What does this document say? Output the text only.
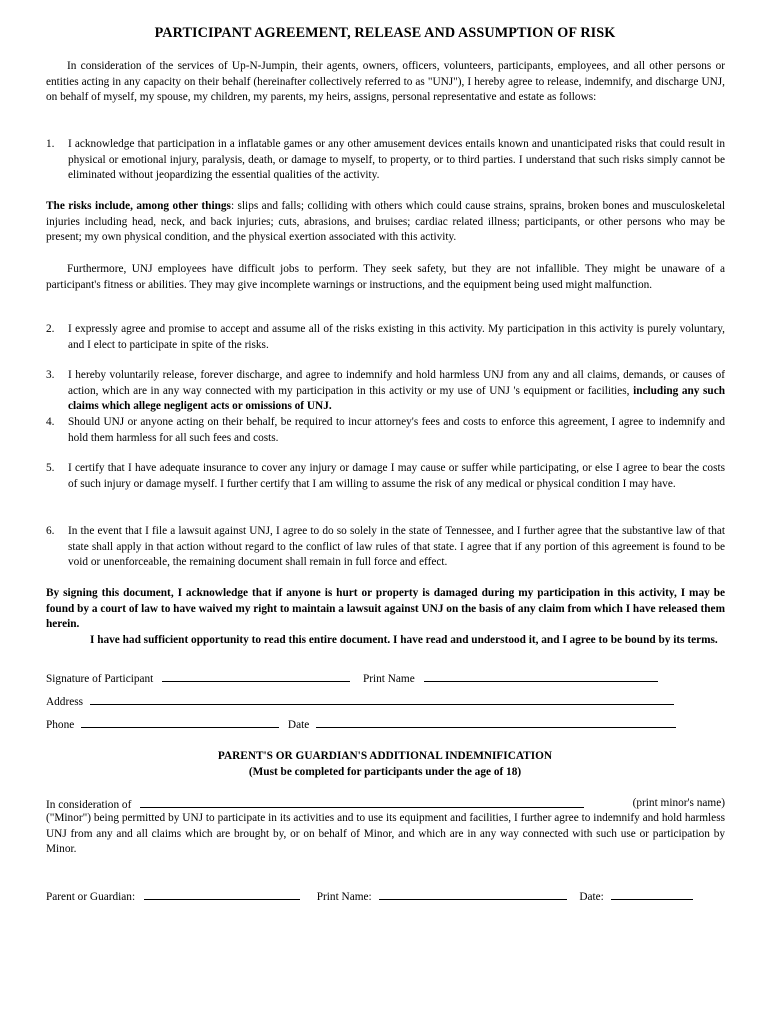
PARTICIPANT AGREEMENT, RELEASE AND ASSUMPTION OF RISK
In consideration of the services of Up-N-Jumpin, their agents, owners, officers, volunteers, participants, employees, and all other persons or entities acting in any capacity on their behalf (hereinafter collectively referred to as "UNJ"), I hereby agree to release, indemnify, and discharge UNJ, on behalf of myself, my spouse, my children, my parents, my heirs, assigns, personal representative and estate as follows:
1. I acknowledge that participation in a inflatable games or any other amusement devices entails known and unanticipated risks that could result in physical or emotional injury, paralysis, death, or damage to myself, to property, or to third parties. I understand that such risks simply cannot be eliminated without jeopardizing the essential qualities of the activity.
The risks include, among other things: slips and falls; colliding with others which could cause strains, sprains, broken bones and musculoskeletal injuries including head, neck, and back injuries; cuts, abrasions, and bruises; cardiac related illness; participants, or other persons who may be present; my own physical condition, and the physical exertion associated with this activity.
Furthermore, UNJ employees have difficult jobs to perform. They seek safety, but they are not infallible. They might be unaware of a participant's fitness or abilities. They may give incomplete warnings or instructions, and the equipment being used might malfunction.
2. I expressly agree and promise to accept and assume all of the risks existing in this activity. My participation in this activity is purely voluntary, and I elect to participate in spite of the risks.
3. I hereby voluntarily release, forever discharge, and agree to indemnify and hold harmless UNJ from any and all claims, demands, or causes of action, which are in any way connected with my participation in this activity or my use of UNJ 's equipment or facilities, including any such claims which allege negligent acts or omissions of UNJ.
4. Should UNJ or anyone acting on their behalf, be required to incur attorney's fees and costs to enforce this agreement, I agree to indemnify and hold them harmless for all such fees and costs.
5. I certify that I have adequate insurance to cover any injury or damage I may cause or suffer while participating, or else I agree to bear the costs of such injury or damage myself. I further certify that I am willing to assume the risk of any medical or physical condition I may have.
6. In the event that I file a lawsuit against UNJ, I agree to do so solely in the state of Tennessee, and I further agree that the substantive law of that state shall apply in that action without regard to the conflict of law rules of that state. I agree that if any portion of this agreement is found to be void or unenforceable, the remaining document shall remain in full force and effect.
By signing this document, I acknowledge that if anyone is hurt or property is damaged during my participation in this activity, I may be found by a court of law to have waived my right to maintain a lawsuit against UNJ on the basis of any claim from which I have released them herein.
I have had sufficient opportunity to read this entire document. I have read and understood it, and I agree to be bound by its terms.
Signature of Participant	Print Name
Address
Phone	Date
PARENT'S OR GUARDIAN'S ADDITIONAL INDEMNIFICATION
(Must be completed for participants under the age of 18)
In consideration of	(print minor's name)
("Minor") being permitted by UNJ to participate in its activities and to use its equipment and facilities, I further agree to indemnify and hold harmless UNJ from any and all claims which are brought by, or on behalf of Minor, and which are in any way connected with such use or participation by Minor.
Parent or Guardian:	Print Name:	Date:
